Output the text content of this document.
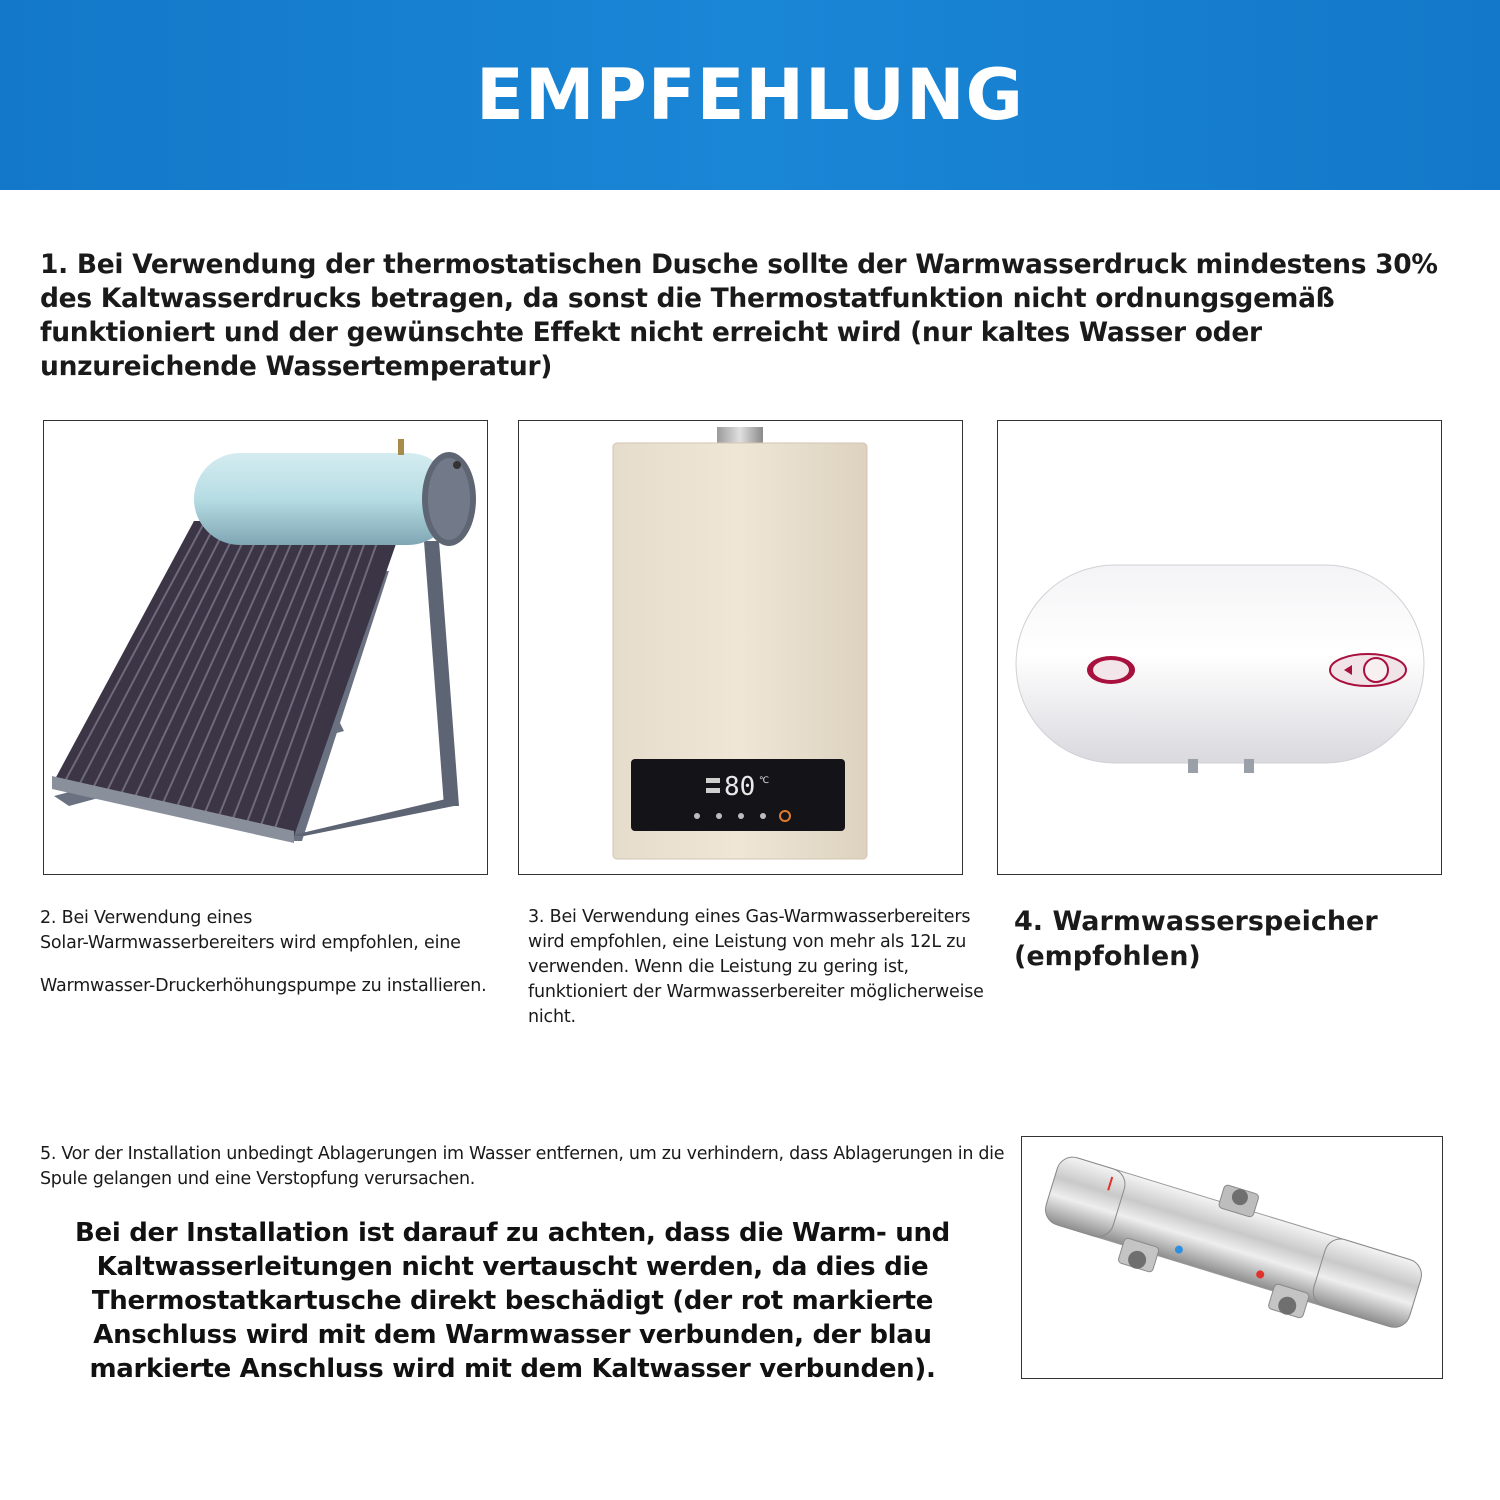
EMPFEHLUNG
1. Bei Verwendung der thermostatischen Dusche sollte der Warmwasserdruck mindestens 30% des Kaltwasserdrucks betragen, da sonst die Thermostatfunktion nicht ordnungsgemäß funktioniert und der gewünschte Effekt nicht erreicht wird (nur kaltes Wasser oder unzureichende Wassertemperatur)
80 ℃
2. Bei Verwendung eines
Solar-Warmwasserbereiters wird empfohlen, eine
Warmwasser-Druckerhöhungspumpe zu installieren.
3. Bei Verwendung eines Gas-Warmwasserbereiters wird empfohlen, eine Leistung von mehr als 12L zu verwenden. Wenn die Leistung zu gering ist, funktioniert der Warmwasserbereiter möglicherweise nicht.
4. Warmwasserspeicher
(empfohlen)
5. Vor der Installation unbedingt Ablagerungen im Wasser entfernen, um zu verhindern, dass Ablagerungen in die Spule gelangen und eine Verstopfung verursachen.
Bei der Installation ist darauf zu achten, dass die Warm- und Kaltwasserleitungen nicht vertauscht werden, da dies die Thermostatkartusche direkt beschädigt (der rot markierte Anschluss wird mit dem Warmwasser verbunden, der blau markierte Anschluss wird mit dem Kaltwasser verbunden).
